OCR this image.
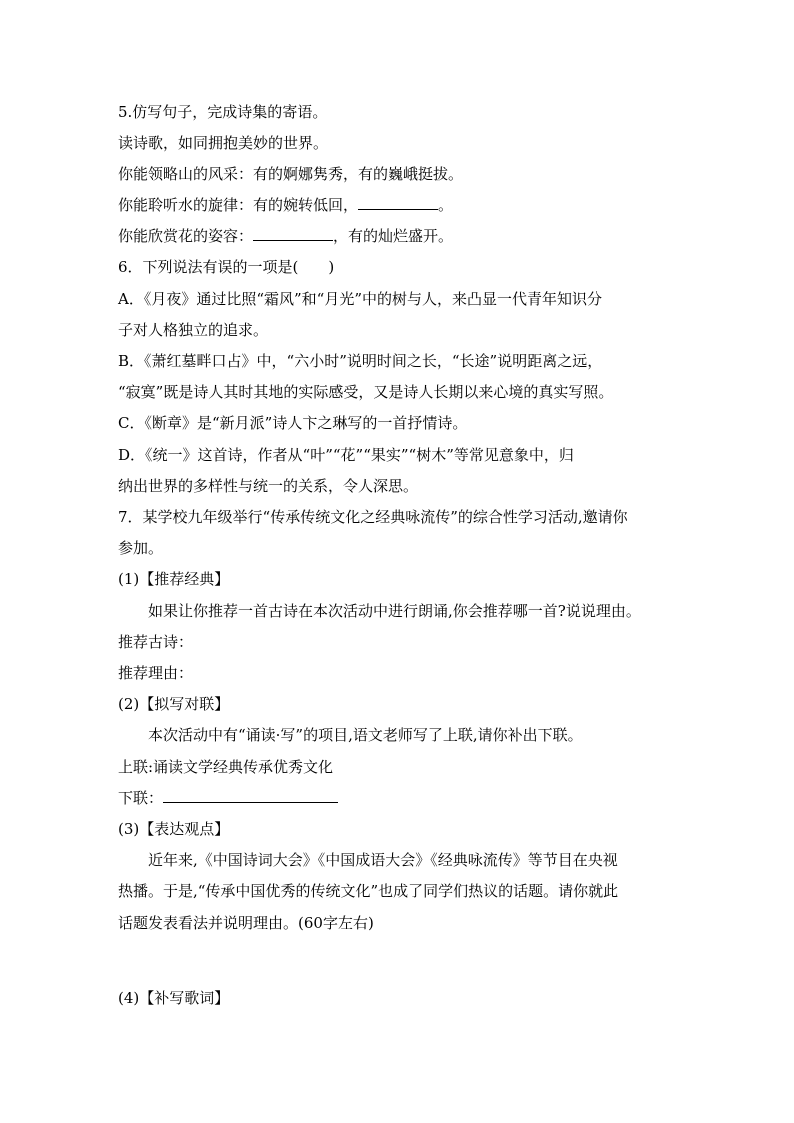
5.仿写句子，完成诗集的寄语。
读诗歌，如同拥抱美妙的世界。
你能领略山的风采：有的婀娜隽秀，有的巍峨挺拔。
你能聆听水的旋律：有的婉转低回，	。
你能欣赏花的姿容：	，有的灿烂盛开。
6．下列说法有误的一项是(　　)
A．《月夜》通过比照“霜风”和“月光”中的树与人，来凸显一代青年知识分
子对人格独立的追求。
B．《萧红墓畔口占》中，“六小时”说明时间之长，“长途”说明距离之远，
“寂寞”既是诗人其时其地的实际感受，又是诗人长期以来心境的真实写照。
C．《断章》是“新月派”诗人卞之琳写的一首抒情诗。
D．《统一》这首诗，作者从“叶”“花”“果实”“树木”等常见意象中，归
纳出世界的多样性与统一的关系，令人深思。
7．某学校九年级举行“传承传统文化之经典咏流传”的综合性学习活动,邀请你
参加。
(1)【推荐经典】
如果让你推荐一首古诗在本次活动中进行朗诵,你会推荐哪一首?说说理由。
推荐古诗：
推荐理由：
(2)【拟写对联】
本次活动中有“诵读·写”的项目,语文老师写了上联,请你补出下联。
上联:诵读文学经典传承优秀文化
下联：
(3)【表达观点】
近年来,《中国诗词大会》《中国成语大会》《经典咏流传》等节目在央视
热播。于是,“传承中国优秀的传统文化”也成了同学们热议的话题。请你就此
话题发表看法并说明理由。(60字左右)
(4)【补写歌词】
